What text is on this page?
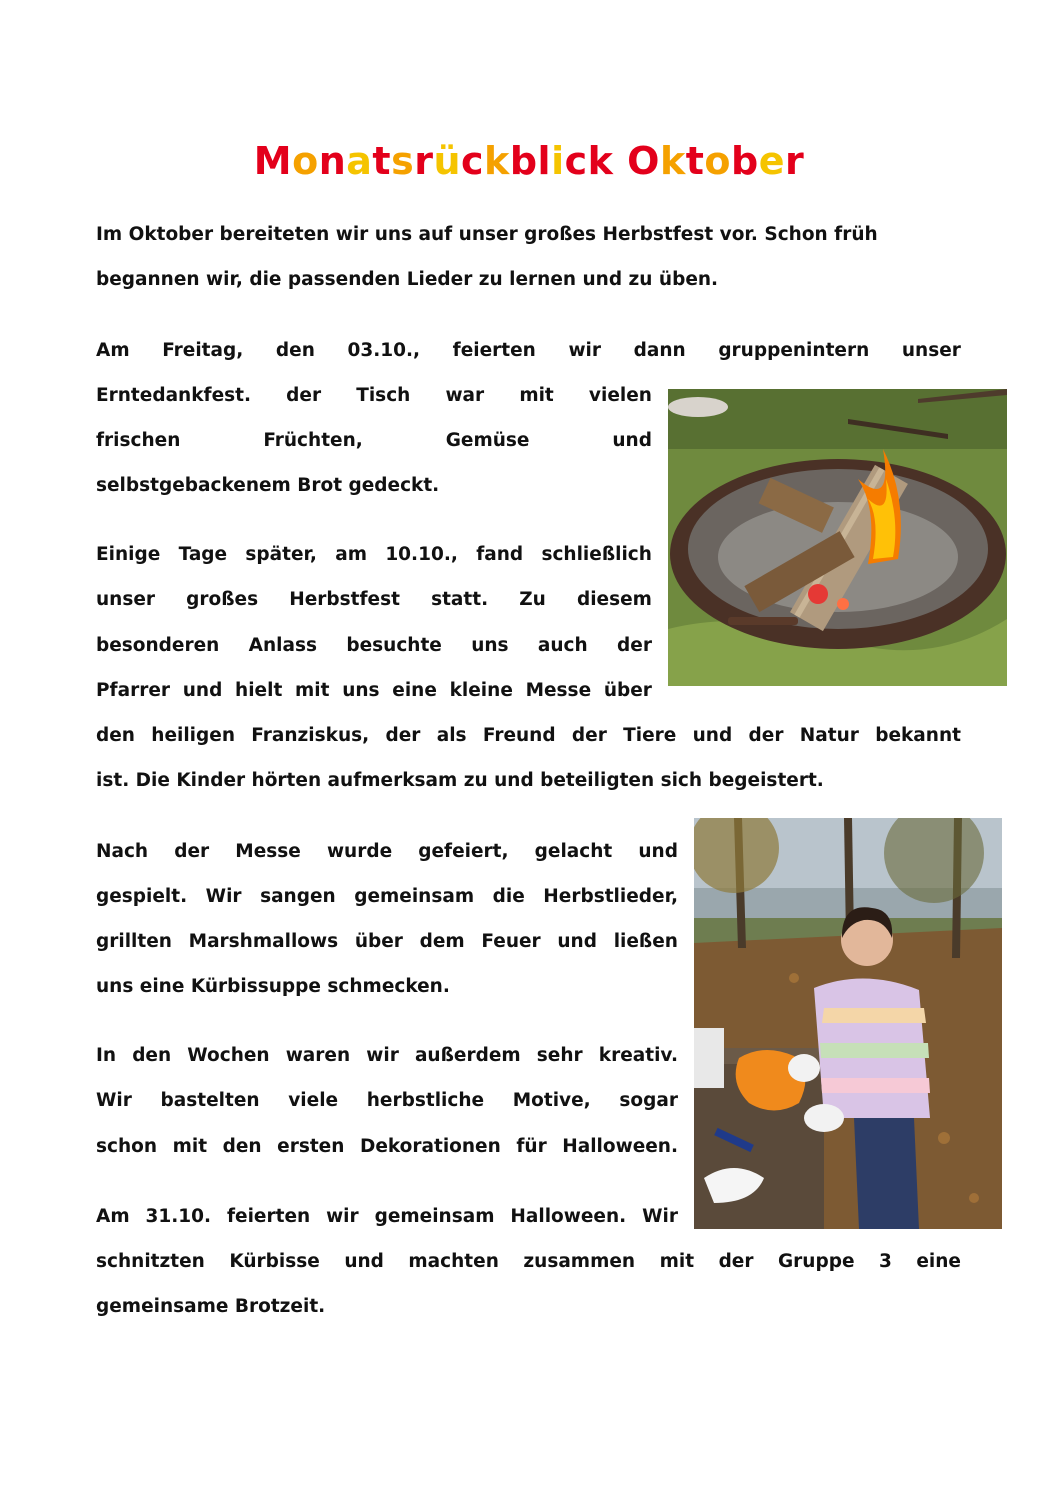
Monatsrückblick Oktober
Im Oktober bereiteten wir uns auf unser großes Herbstfest vor. Schon früh
begannen wir, die passenden Lieder zu lernen und zu üben.
Am Freitag, den 03.10., feierten wir dann gruppenintern unser
Erntedankfest. der Tisch war mit vielen
frischen	Früchten,	Gemüse	und
selbstgebackenem Brot gedeckt.
Einige Tage später, am 10.10., fand schließlich
unser großes Herbstfest statt. Zu diesem
besonderen Anlass besuchte uns auch der
Pfarrer und hielt mit uns eine kleine Messe über
den heiligen Franziskus, der als Freund der Tiere und der Natur bekannt
ist. Die Kinder hörten aufmerksam zu und beteiligten sich begeistert.
Nach der Messe wurde gefeiert, gelacht und
gespielt. Wir sangen gemeinsam die Herbstlieder,
grillten Marshmallows über dem Feuer und ließen
uns eine Kürbissuppe schmecken.
In den Wochen waren wir außerdem sehr kreativ.
Wir bastelten viele herbstliche Motive, sogar
schon mit den ersten Dekorationen für Halloween.
Am 31.10. feierten wir gemeinsam Halloween. Wir
schnitzten Kürbisse und machten zusammen mit der Gruppe 3 eine
gemeinsame Brotzeit.
